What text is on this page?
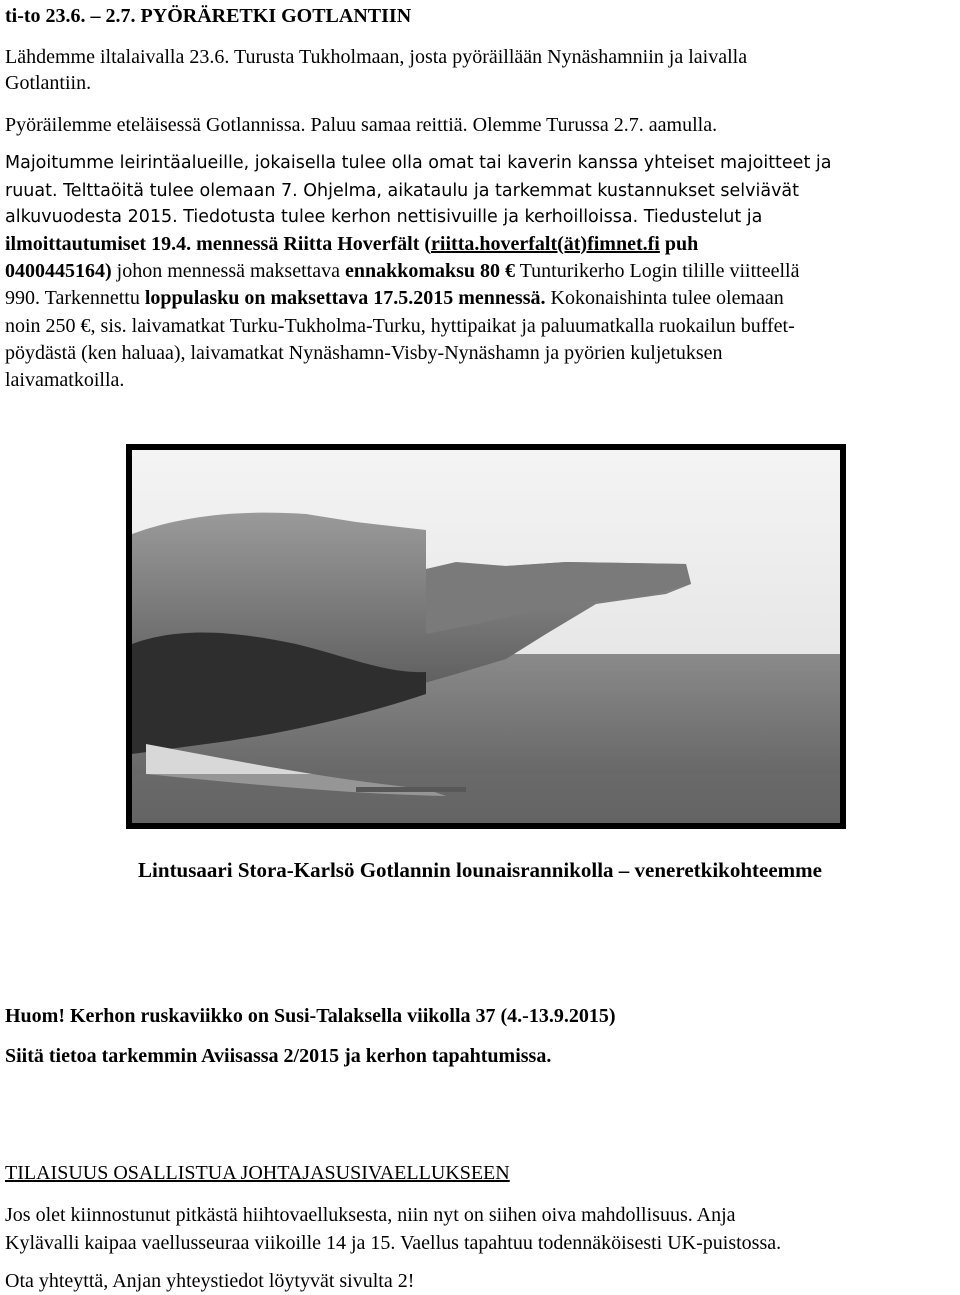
ti-to 23.6. – 2.7. PYÖRÄRETKI GOTLANTIIN
Lähdemme iltalaivalla 23.6. Turusta Tukholmaan, josta pyöräillään Nynäshamniin ja laivalla
Gotlantiin.
Pyöräilemme eteläisessä Gotlannissa. Paluu samaa reittiä. Olemme Turussa 2.7. aamulla.
Majoitumme leirintäalueille, jokaisella tulee olla omat tai kaverin kanssa yhteiset majoitteet ja
ruuat. Telttaöitä tulee olemaan 7. Ohjelma, aikataulu ja tarkemmat kustannukset selviävät
alkuvuodesta 2015. Tiedotusta tulee kerhon nettisivuille ja kerhoilloissa. Tiedustelut ja
ilmoittautumiset 19.4. mennessä Riitta Hoverfält (riitta.hoverfalt(ät)fimnet.fi puh
0400445164) johon mennessä maksettava ennakkomaksu 80 € Tunturikerho Login tilille viitteellä
990. Tarkennettu loppulasku on maksettava 17.5.2015 mennessä. Kokonaishinta tulee olemaan
noin 250 €, sis. laivamatkat Turku-Tukholma-Turku, hyttipaikat ja paluumatkalla ruokailun buffet-
pöydästä (ken haluaa), laivamatkat Nynäshamn-Visby-Nynäshamn ja pyörien kuljetuksen
laivamatkoilla.
Lintusaari Stora-Karlsö Gotlannin lounaisrannikolla – veneretkikohteemme
Huom! Kerhon ruskaviikko on Susi-Talaksella viikolla 37 (4.-13.9.2015)
Siitä tietoa tarkemmin Aviisassa 2/2015 ja kerhon tapahtumissa.
TILAISUUS OSALLISTUA JOHTAJASUSIVAELLUKSEEN
Jos olet kiinnostunut pitkästä hiihtovaelluksesta, niin nyt on siihen oiva mahdollisuus. Anja
Kylävalli kaipaa vaellusseuraa viikoille 14 ja 15. Vaellus tapahtuu todennäköisesti UK-puistossa.
Ota yhteyttä, Anjan yhteystiedot löytyvät sivulta 2!
